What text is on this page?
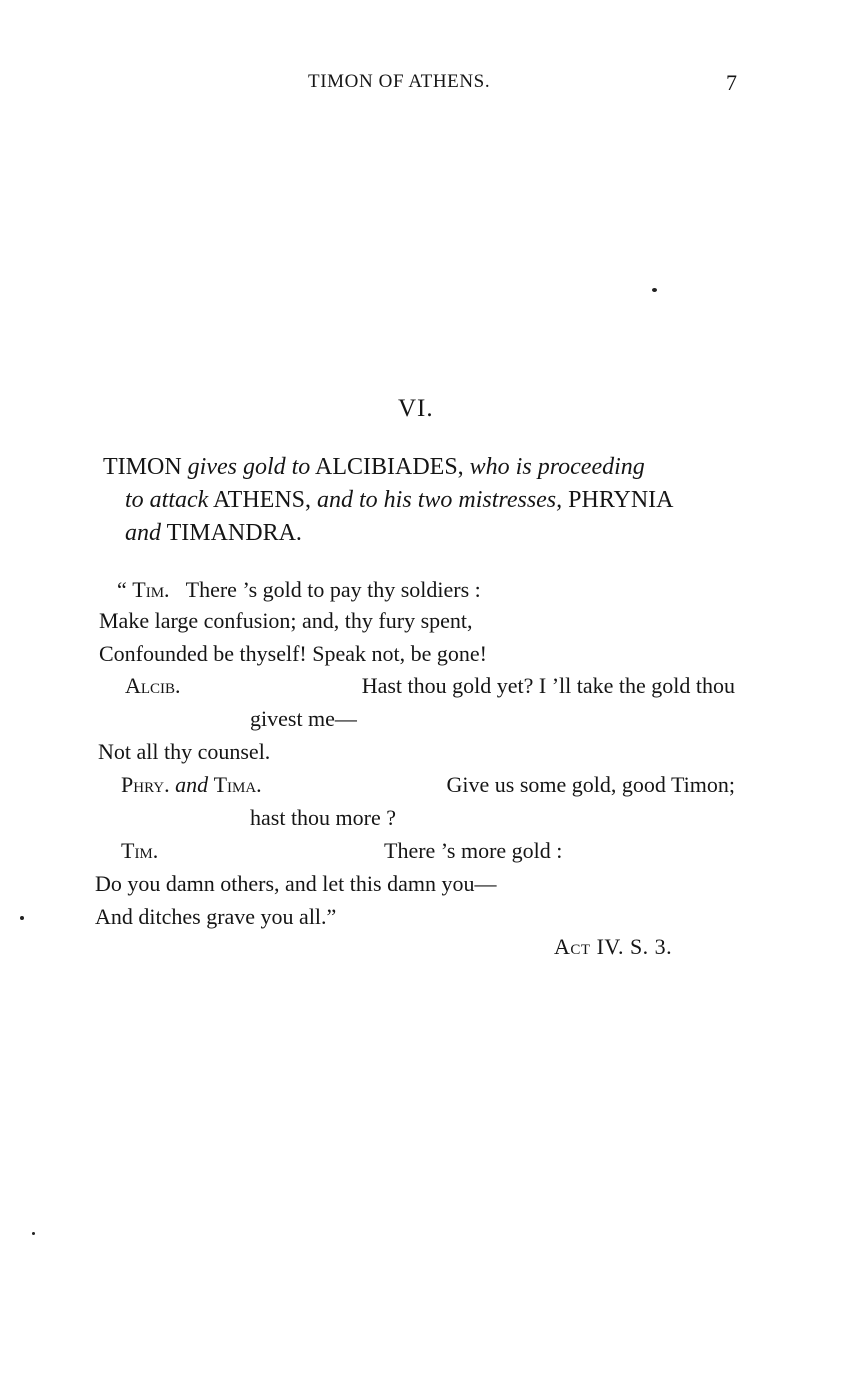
TIMON OF ATHENS.	7
VI.
TIMON gives gold to ALCIBIADES, who is proceeding
to attack ATHENS, and to his two mistresses, PHRYNIA
and TIMANDRA.
“ Tim. There ’s gold to pay thy soldiers :
Make large confusion; and, thy fury spent,
Confounded be thyself! Speak not, be gone!
Alcib.	Hast thou gold yet? I ’ll take the gold thou
givest me—
Not all thy counsel.
Phry. and Tima.	Give us some gold, good Timon;
hast thou more ?
Tim.	There ’s more gold :
Do you damn others, and let this damn you—
And ditches grave you all.”
Act IV. S. 3.
